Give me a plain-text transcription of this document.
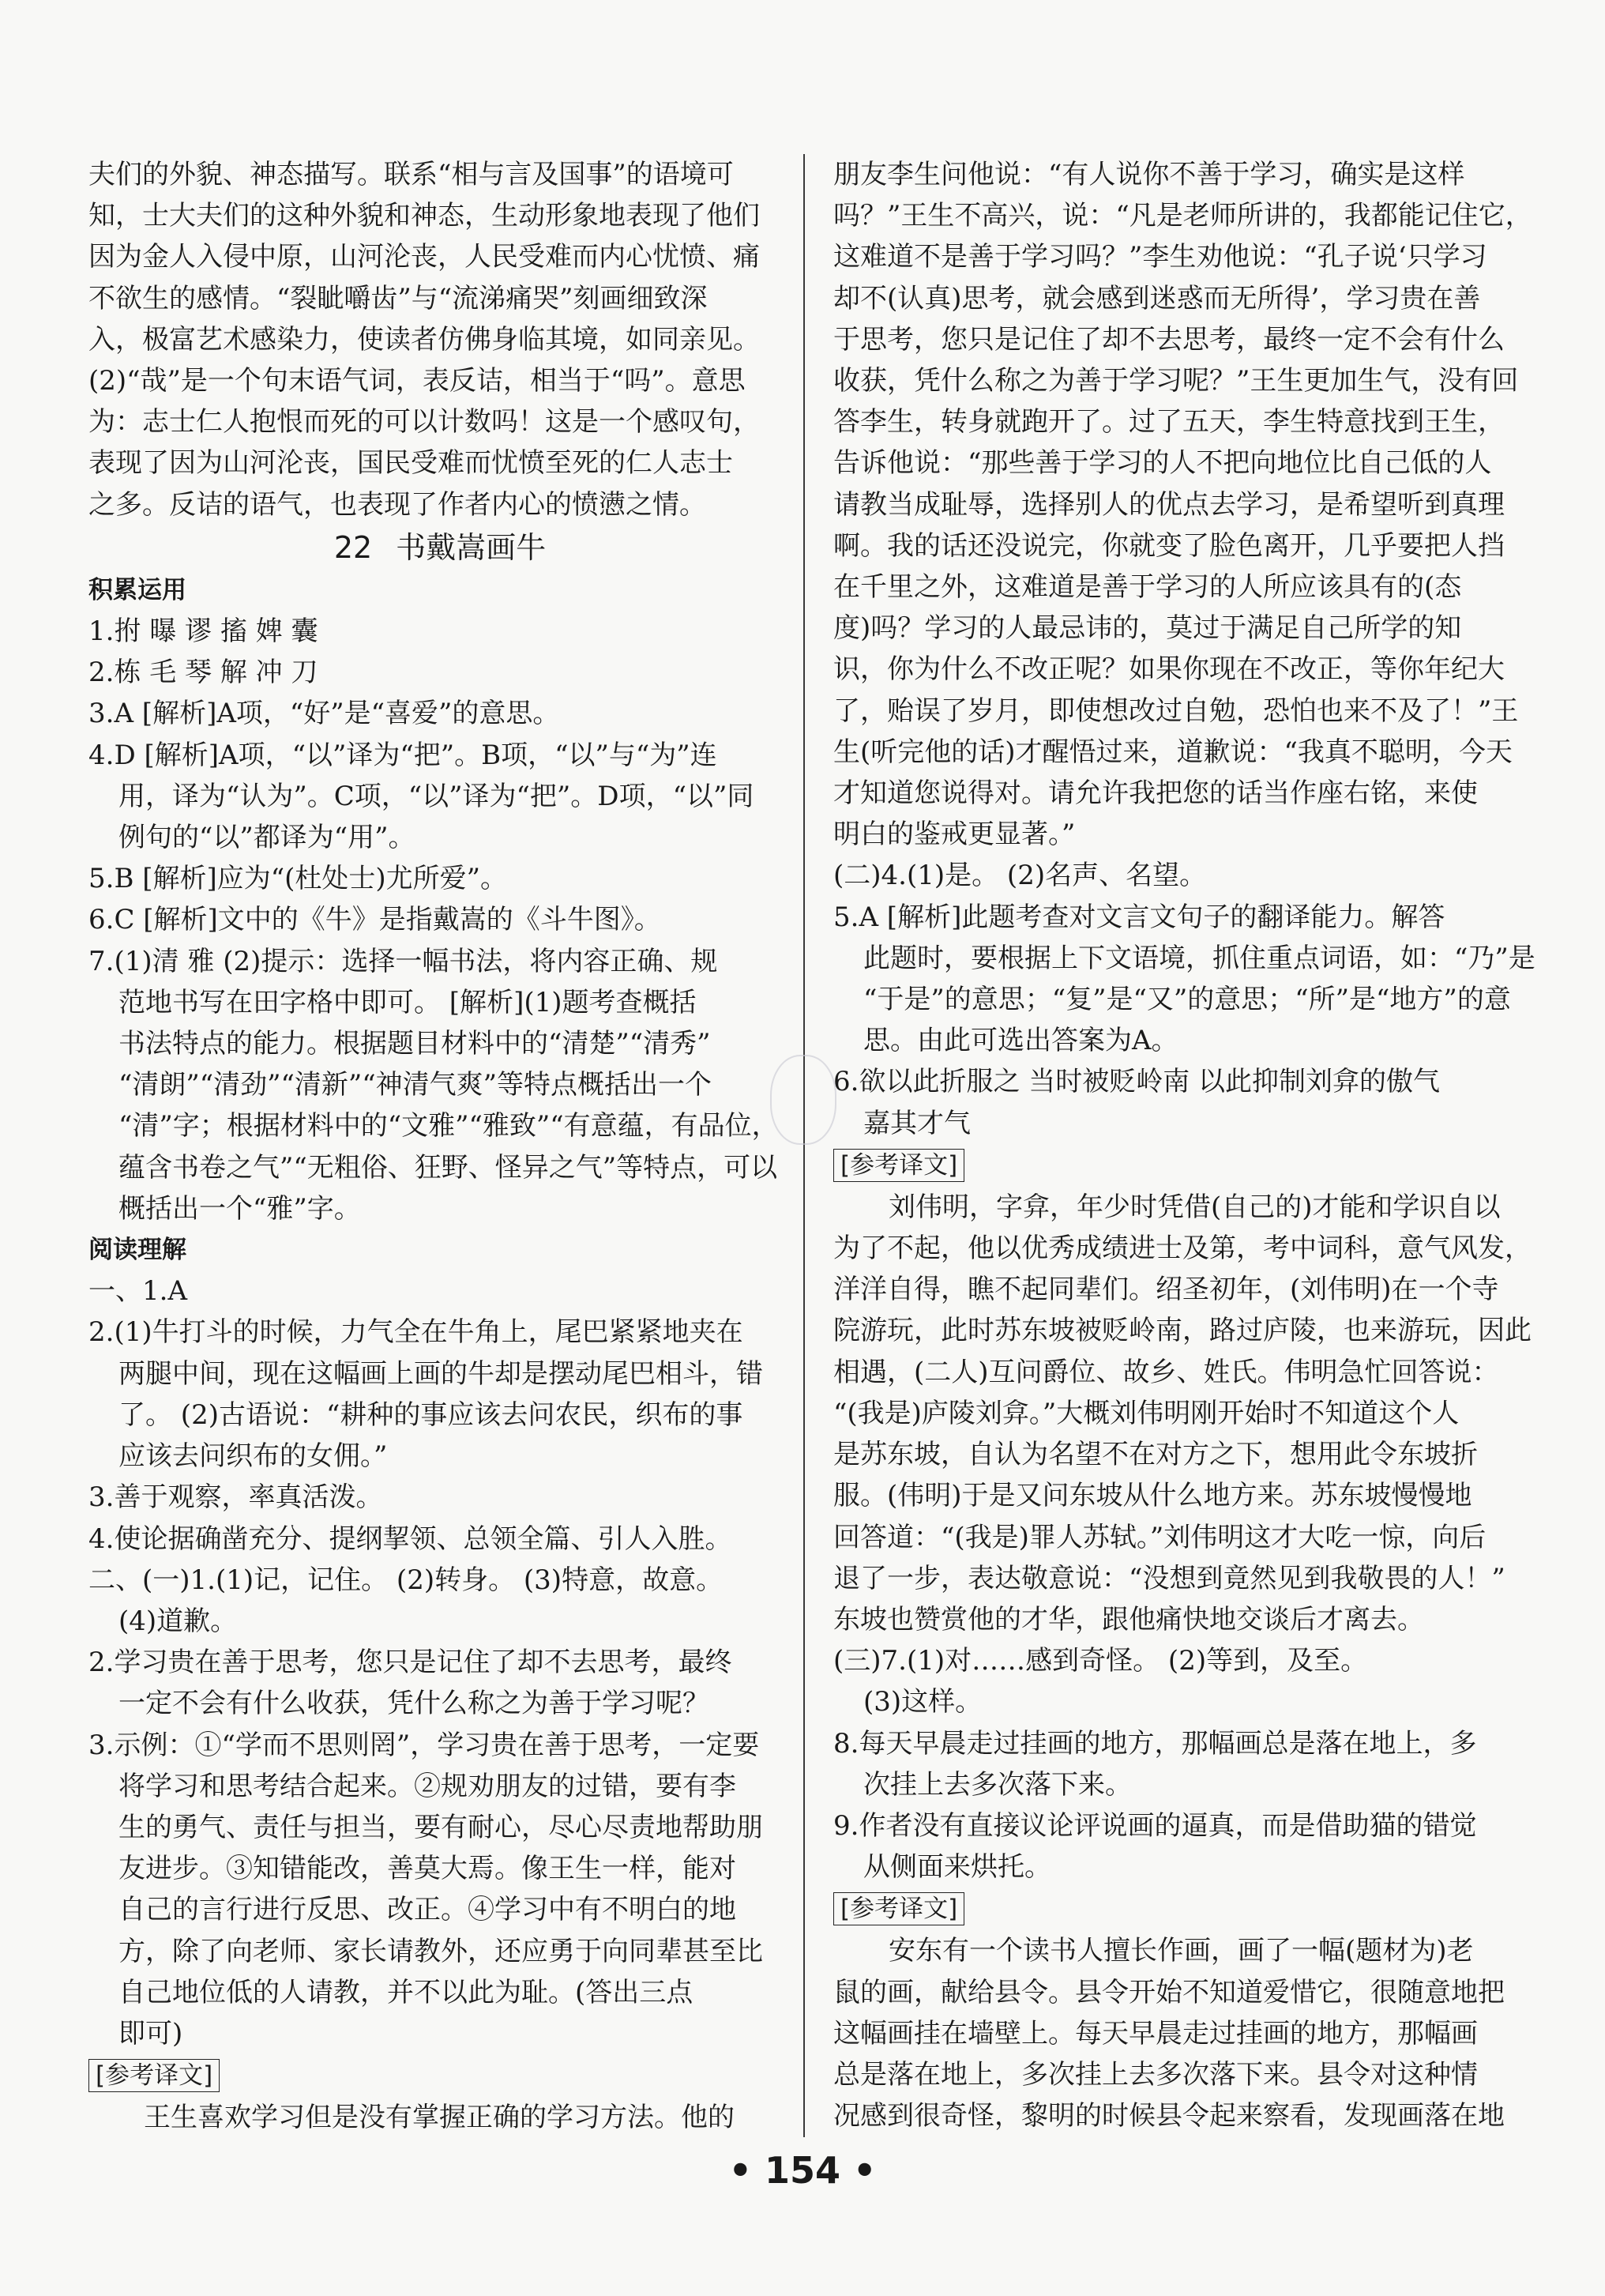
夫们的外貌、神态描写。联系“相与言及国事”的语境可
知，士大夫们的这种外貌和神态，生动形象地表现了他们
因为金人入侵中原，山河沦丧，人民受难而内心忧愤、痛
不欲生的感情。“裂眦嚼齿”与“流涕痛哭”刻画细致深
入，极富艺术感染力，使读者仿佛身临其境，如同亲见。
(2)“哉”是一个句末语气词，表反诘，相当于“吗”。意思
为：志士仁人抱恨而死的可以计数吗！这是一个感叹句，
表现了因为山河沦丧，国民受难而忧愤至死的仁人志士
之多。反诘的语气，也表现了作者内心的愤懑之情。
22 书戴嵩画牛
积累运用
1.拊 曝 谬 搐 婢 囊
2.栋 毛 琴 解 冲 刀
3.A [解析]A项，“好”是“喜爱”的意思。
4.D [解析]A项，“以”译为“把”。B项，“以”与“为”连
用，译为“认为”。C项，“以”译为“把”。D项，“以”同
例句的“以”都译为“用”。
5.B [解析]应为“(杜处士)尤所爱”。
6.C [解析]文中的《牛》是指戴嵩的《斗牛图》。
7.(1)清 雅 (2)提示：选择一幅书法，将内容正确、规
范地书写在田字格中即可。 [解析](1)题考查概括
书法特点的能力。根据题目材料中的“清楚”“清秀”
“清朗”“清劲”“清新”“神清气爽”等特点概括出一个
“清”字；根据材料中的“文雅”“雅致”“有意蕴，有品位，
蕴含书卷之气”“无粗俗、狂野、怪异之气”等特点，可以
概括出一个“雅”字。
阅读理解
一、1.A
2.(1)牛打斗的时候，力气全在牛角上，尾巴紧紧地夹在
两腿中间，现在这幅画上画的牛却是摆动尾巴相斗，错
了。 (2)古语说：“耕种的事应该去问农民，织布的事
应该去问织布的女佣。”
3.善于观察，率真活泼。
4.使论据确凿充分、提纲挈领、总领全篇、引人入胜。
二、(一)1.(1)记，记住。 (2)转身。 (3)特意，故意。
(4)道歉。
2.学习贵在善于思考，您只是记住了却不去思考，最终
一定不会有什么收获，凭什么称之为善于学习呢？
3.示例：①“学而不思则罔”，学习贵在善于思考，一定要
将学习和思考结合起来。②规劝朋友的过错，要有李
生的勇气、责任与担当，要有耐心，尽心尽责地帮助朋
友进步。③知错能改，善莫大焉。像王生一样，能对
自己的言行进行反思、改正。④学习中有不明白的地
方，除了向老师、家长请教外，还应勇于向同辈甚至比
自己地位低的人请教，并不以此为耻。(答出三点
即可)
[参考译文]
王生喜欢学习但是没有掌握正确的学习方法。他的
朋友李生问他说：“有人说你不善于学习，确实是这样
吗？”王生不高兴，说：“凡是老师所讲的，我都能记住它，
这难道不是善于学习吗？”李生劝他说：“孔子说‘只学习
却不(认真)思考，就会感到迷惑而无所得’，学习贵在善
于思考，您只是记住了却不去思考，最终一定不会有什么
收获，凭什么称之为善于学习呢？”王生更加生气，没有回
答李生，转身就跑开了。过了五天，李生特意找到王生，
告诉他说：“那些善于学习的人不把向地位比自己低的人
请教当成耻辱，选择别人的优点去学习，是希望听到真理
啊。我的话还没说完，你就变了脸色离开，几乎要把人挡
在千里之外，这难道是善于学习的人所应该具有的(态
度)吗？学习的人最忌讳的，莫过于满足自己所学的知
识，你为什么不改正呢？如果你现在不改正，等你年纪大
了，贻误了岁月，即使想改过自勉，恐怕也来不及了！”王
生(听完他的话)才醒悟过来，道歉说：“我真不聪明，今天
才知道您说得对。请允许我把您的话当作座右铭，来使
明白的鉴戒更显著。”
(二)4.(1)是。 (2)名声、名望。
5.A [解析]此题考查对文言文句子的翻译能力。解答
此题时，要根据上下文语境，抓住重点词语，如：“乃”是
“于是”的意思；“复”是“又”的意思；“所”是“地方”的意
思。由此可选出答案为A。
6.欲以此折服之 当时被贬岭南 以此抑制刘弇的傲气
嘉其才气
[参考译文]
刘伟明，字弇，年少时凭借(自己的)才能和学识自以
为了不起，他以优秀成绩进士及第，考中词科，意气风发，
洋洋自得，瞧不起同辈们。绍圣初年，(刘伟明)在一个寺
院游玩，此时苏东坡被贬岭南，路过庐陵，也来游玩，因此
相遇，(二人)互问爵位、故乡、姓氏。伟明急忙回答说：
“(我是)庐陵刘弇。”大概刘伟明刚开始时不知道这个人
是苏东坡，自认为名望不在对方之下，想用此令东坡折
服。(伟明)于是又问东坡从什么地方来。苏东坡慢慢地
回答道：“(我是)罪人苏轼。”刘伟明这才大吃一惊，向后
退了一步，表达敬意说：“没想到竟然见到我敬畏的人！”
东坡也赞赏他的才华，跟他痛快地交谈后才离去。
(三)7.(1)对……感到奇怪。 (2)等到，及至。
(3)这样。
8.每天早晨走过挂画的地方，那幅画总是落在地上，多
次挂上去多次落下来。
9.作者没有直接议论评说画的逼真，而是借助猫的错觉
从侧面来烘托。
[参考译文]
安东有一个读书人擅长作画，画了一幅(题材为)老
鼠的画，献给县令。县令开始不知道爱惜它，很随意地把
这幅画挂在墙壁上。每天早晨走过挂画的地方，那幅画
总是落在地上，多次挂上去多次落下来。县令对这种情
况感到很奇怪，黎明的时候县令起来察看，发现画落在地
• 154 •
